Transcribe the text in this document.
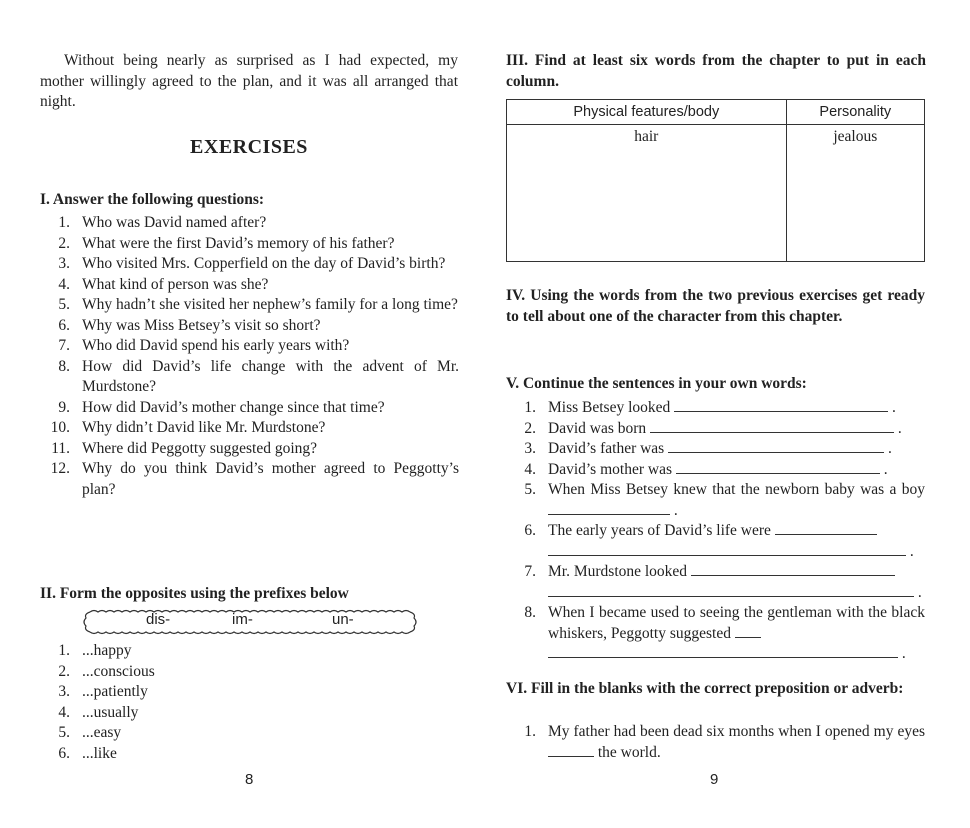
Without being nearly as surprised as I had expected, my mother willingly agreed to the plan, and it was all arranged that night.

EXERCISES
I. Answer the following questions:
1. Who was David named after?
2. What were the first David’s memory of his father?
3. Who visited Mrs. Copperfield on the day of David’s birth?
4. What kind of person was she?
5. Why hadn’t she visited her nephew’s family for a long time?
6. Why was Miss Betsey’s visit so short?
7. Who did David spend his early years with?
8. How did David’s life change with the advent of Mr. Murdstone?
9. How did David’s mother change since that time?
10. Why didn’t David like Mr. Murdstone?
11. Where did Peggotty suggested going?
12. Why do you think David’s mother agreed to Peggotty’s plan?
II. Form the opposites using the prefixes below
dis-	im-	un-
1. ...happy
2. ...conscious
3. ...patiently
4. ...usually
5. ...easy
6. ...like
8
III. Find at least six words from the chapter to put in each column.
Physical features/body	Personality
hair	jealous
IV. Using the words from the two previous exercises get ready to tell about one of the character from this chapter.
V. Continue the sentences in your own words:
1. Miss Betsey looked	.
2. David was born	.
3. David’s father was	.
4. David’s mother was	.
5. When Miss Betsey knew that the newborn baby was a boy  .
6. The early years of David’s life were
.
7. Mr. Murdstone looked
.
8. When I became used to seeing the gentleman with the black whiskers, Peggotty suggested
.
VI. Fill in the blanks with the correct preposition or adverb:
1. My father had been dead six months when I opened my eyes  the world.
9
